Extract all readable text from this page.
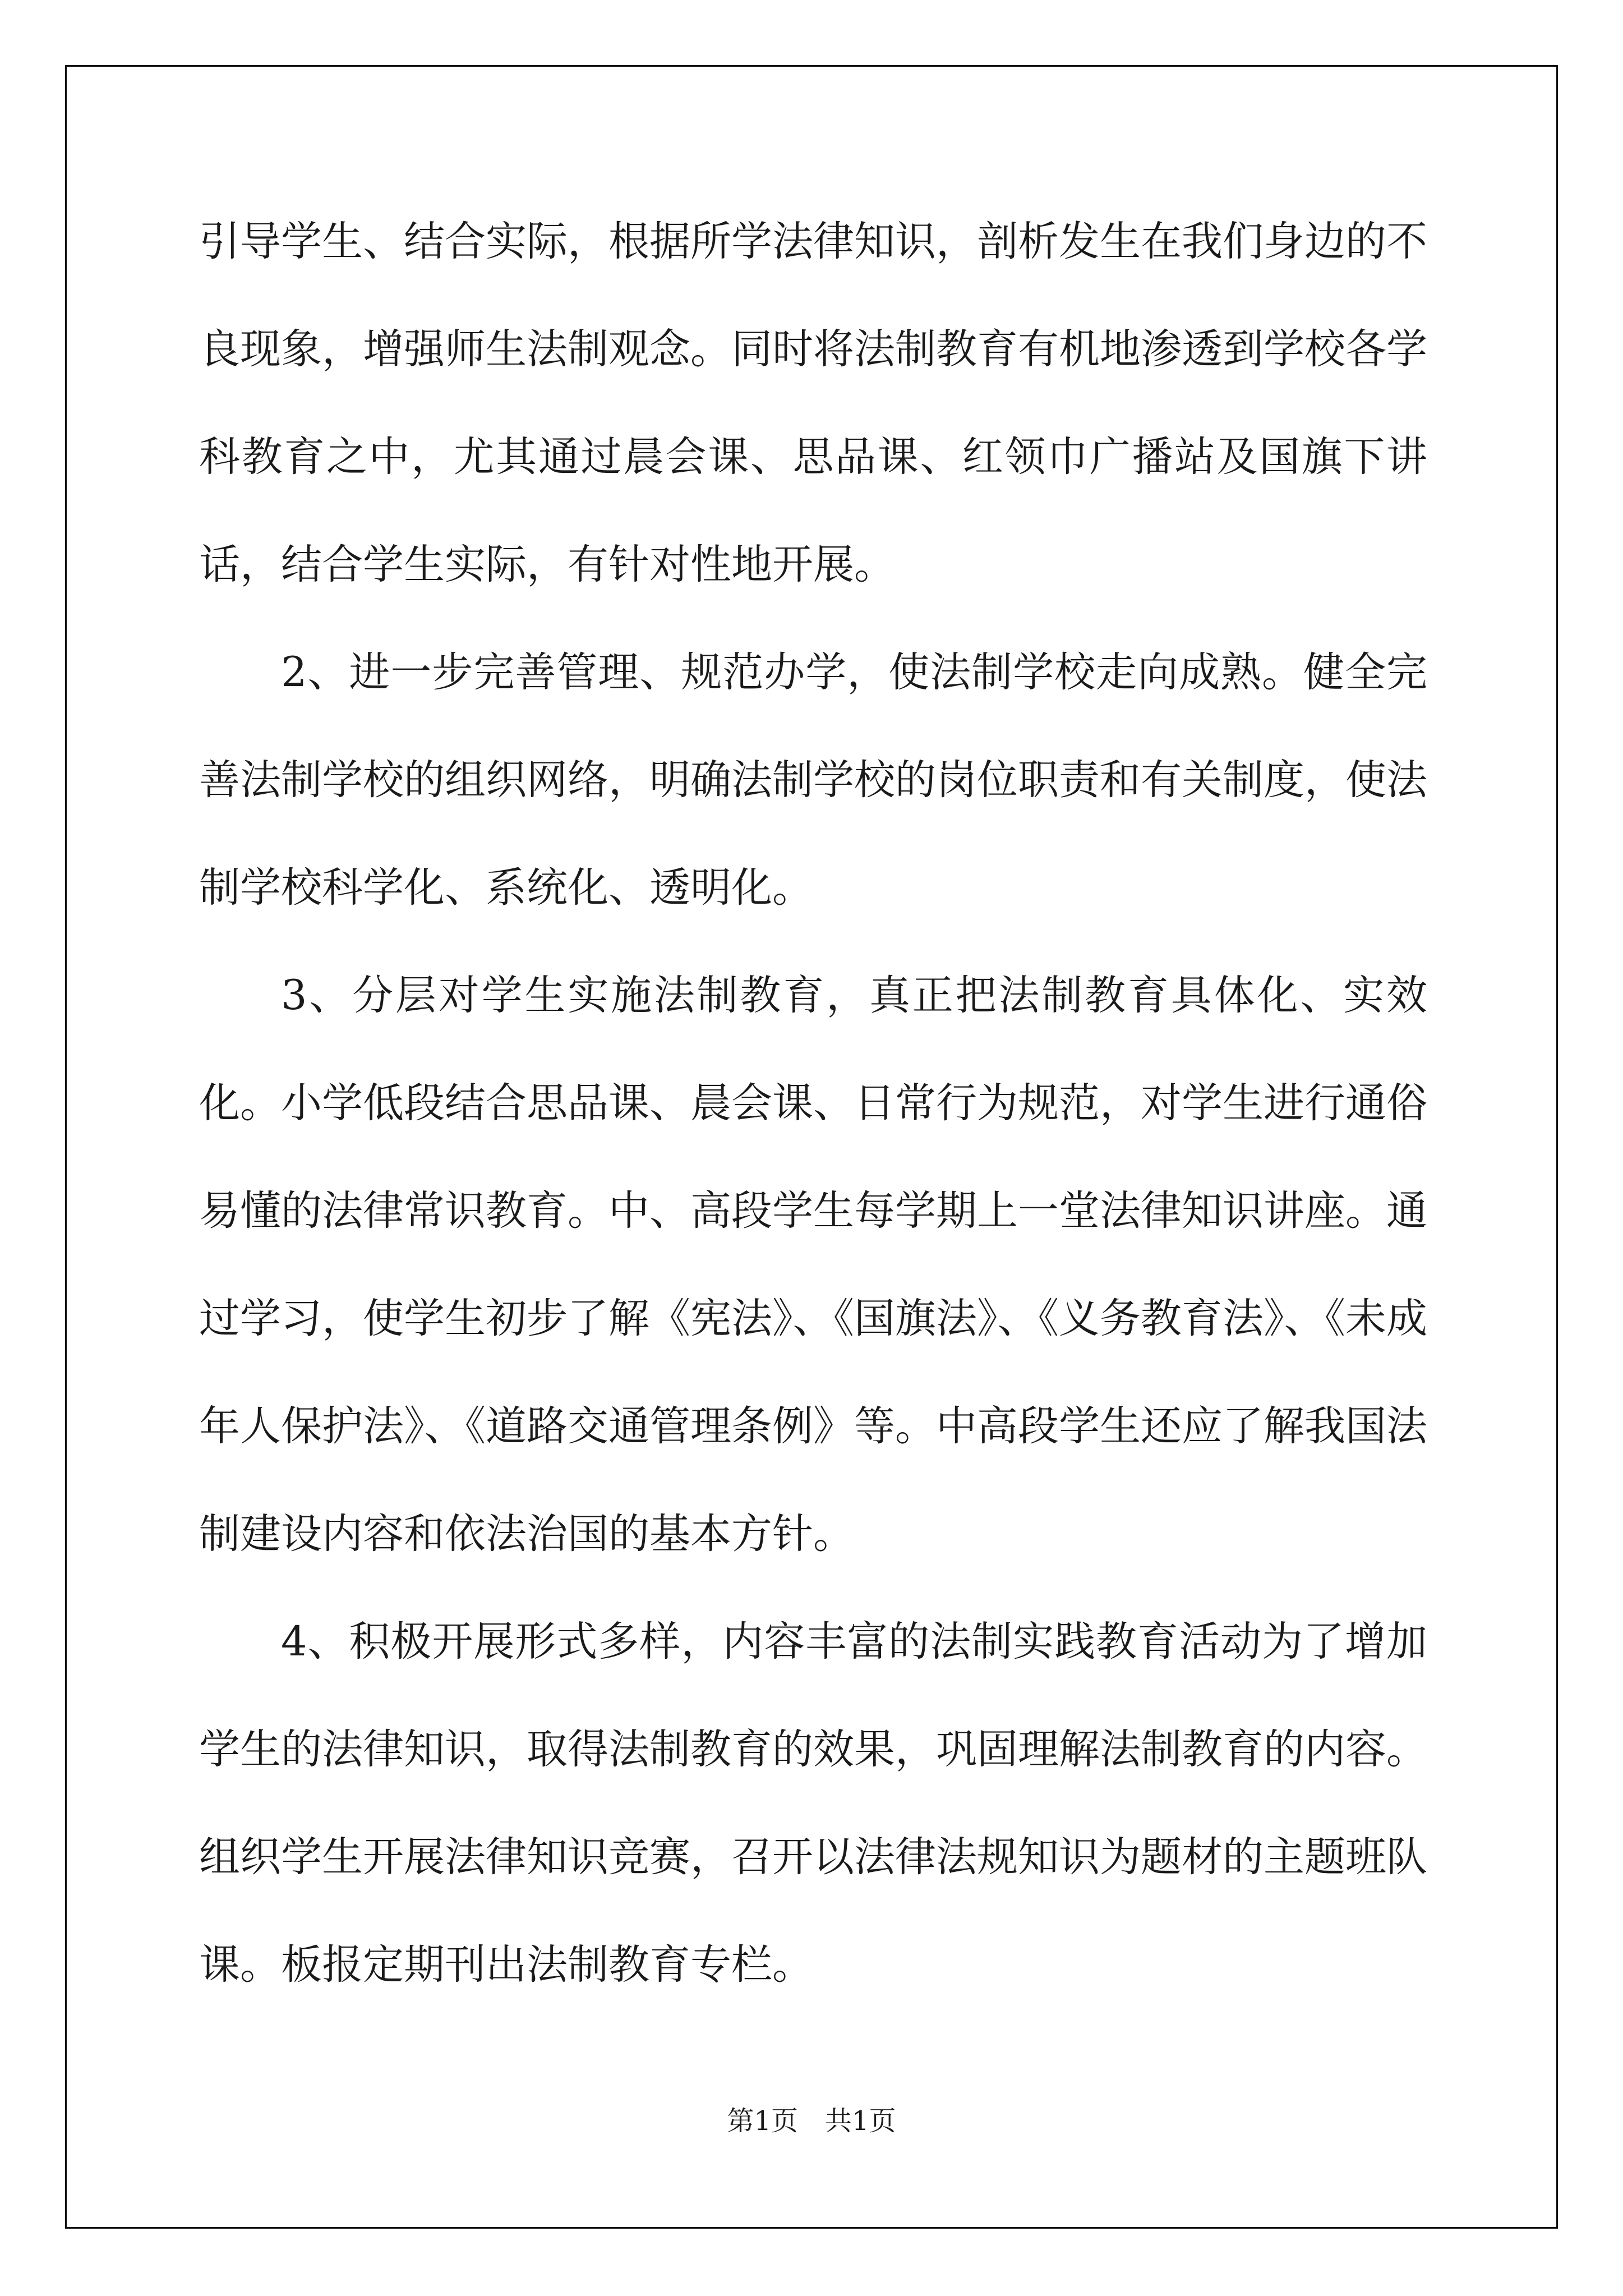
引导学生、结合实际，根据所学法律知识，剖析发生在我们身边的不良现象，增强师生法制观念。同时将法制教育有机地渗透到学校各学科教育之中，尤其通过晨会课、思品课、红领巾广播站及国旗下讲话，结合学生实际，有针对性地开展。

2、进一步完善管理、规范办学，使法制学校走向成熟。健全完善法制学校的组织网络，明确法制学校的岗位职责和有关制度，使法制学校科学化、系统化、透明化。

3、分层对学生实施法制教育，真正把法制教育具体化、实效化。小学低段结合思品课、晨会课、日常行为规范，对学生进行通俗易懂的法律常识教育。中、高段学生每学期上一堂法律知识讲座。通过学习，使学生初步了解《宪法》、《国旗法》、《义务教育法》、《未成年人保护法》、《道路交通管理条例》等。中高段学生还应了解我国法制建设内容和依法治国的基本方针。

4、积极开展形式多样，内容丰富的法制实践教育活动为了增加学生的法律知识，取得法制教育的效果，巩固理解法制教育的内容。组织学生开展法律知识竞赛，召开以法律法规知识为题材的主题班队课。板报定期刊出法制教育专栏。

第1页　共1页
